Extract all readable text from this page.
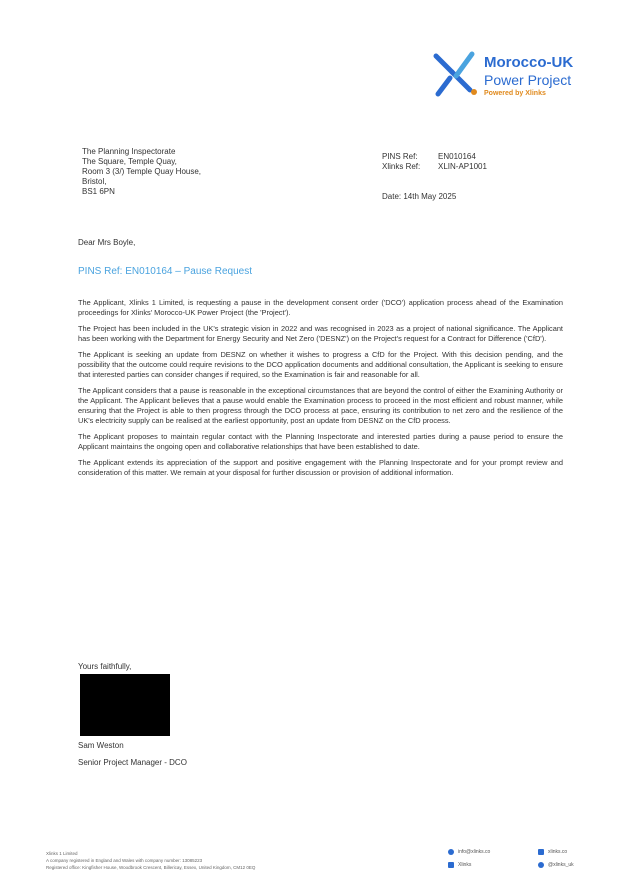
Morocco-UK
Power Project
Powered by Xlinks
The Planning Inspectorate
The Square, Temple Quay,
Room 3 (3/) Temple Quay House,
Bristol,
BS1 6PN
PINS Ref:	EN010164
Xlinks Ref:	XLIN-AP1001
Date: 14th May 2025
Dear Mrs Boyle,
PINS Ref: EN010164 – Pause Request

The Applicant, Xlinks 1 Limited, is requesting a pause in the development consent order ('DCO') application process ahead of the Examination proceedings for Xlinks' Morocco-UK Power Project (the 'Project').

The Project has been included in the UK's strategic vision in 2022 and was recognised in 2023 as a project of national significance. The Applicant has been working with the Department for Energy Security and Net Zero ('DESNZ') on the Project's request for a Contract for Difference ('CfD').

The Applicant is seeking an update from DESNZ on whether it wishes to progress a CfD for the Project. With this decision pending, and the possibility that the outcome could require revisions to the DCO application documents and additional consultation, the Applicant is seeking to ensure that interested parties can consider changes if required, so the Examination is fair and reasonable for all.

The Applicant considers that a pause is reasonable in the exceptional circumstances that are beyond the control of either the Examining Authority or the Applicant. The Applicant believes that a pause would enable the Examination process to proceed in the most efficient and robust manner, while ensuring that the Project is able to then progress through the DCO process at pace, ensuring its contribution to net zero and the resilience of the UK's electricity supply can be realised at the earliest opportunity, post an update from DESNZ on the CfD process.

The Applicant proposes to maintain regular contact with the Planning Inspectorate and interested parties during a pause period to ensure the Applicant maintains the ongoing open and collaborative relationships that have been established to date.

The Applicant extends its appreciation of the support and positive engagement with the Planning Inspectorate and for your prompt review and consideration of this matter. We remain at your disposal for further discussion or provision of additional information.

Yours faithfully,
Sam Weston
Senior Project Manager - DCO
Xlinks 1 Limited
A company registered in England and Wales with company number: 13085223
Registered office: Kingfisher House, Woodbrook Crescent, Billericay, Essex, United Kingdom, CM12 0EQ
info@xlinks.co	xlinks.co
Xlinks	@xlinks_uk
